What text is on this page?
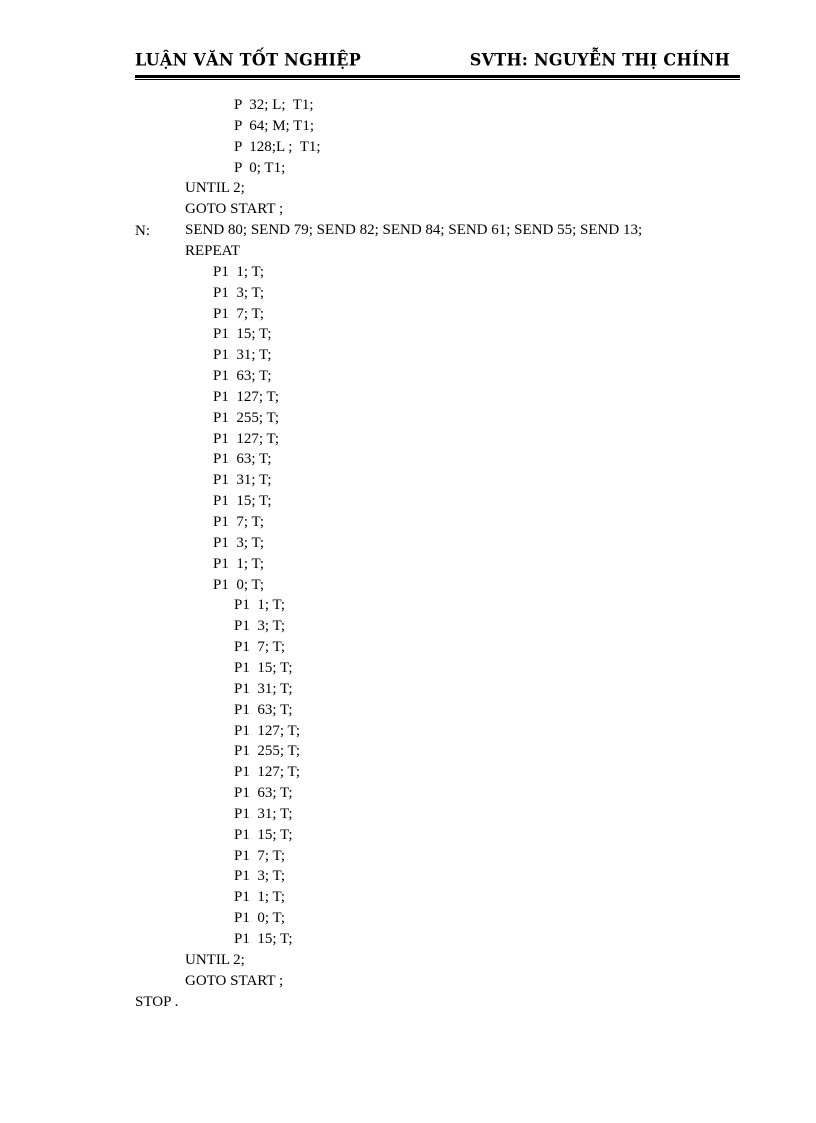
LUẬN VĂN TỐT NGHIỆP	SVTH: NGUYỄN THỊ CHÍNH
N:
P  32; L;  T1;
P  64; M; T1;
P  128;L ;  T1;
P  0; T1;
UNTIL 2;
GOTO START ;
SEND 80; SEND 79; SEND 82; SEND 84; SEND 61; SEND 55; SEND 13;
REPEAT
P1  1; T;
P1  3; T;
P1  7; T;
P1  15; T;
P1  31; T;
P1  63; T;
P1  127; T;
P1  255; T;
P1  127; T;
P1  63; T;
P1  31; T;
P1  15; T;
P1  7; T;
P1  3; T;
P1  1; T;
P1  0; T;
P1  1; T;
P1  3; T;
P1  7; T;
P1  15; T;
P1  31; T;
P1  63; T;
P1  127; T;
P1  255; T;
P1  127; T;
P1  63; T;
P1  31; T;
P1  15; T;
P1  7; T;
P1  3; T;
P1  1; T;
P1  0; T;
P1  15; T;
UNTIL 2;
GOTO START ;
STOP .
